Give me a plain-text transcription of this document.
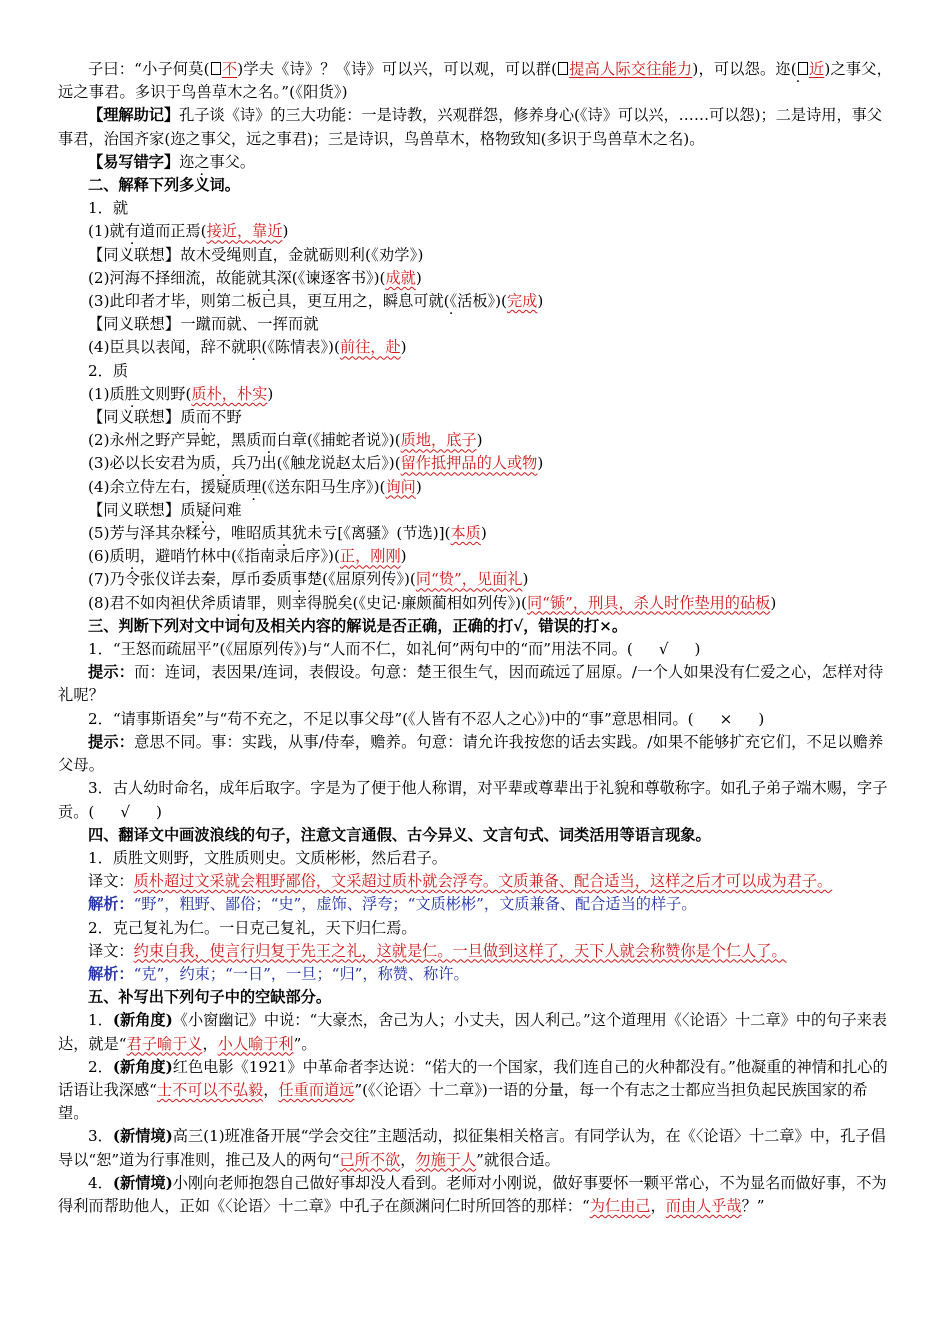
子曰：“小子何莫( 不)学夫《诗》？《诗》可以兴，可以观，可以群( 提高人际交往能力)，可以怨。迩( 近)之事父，远之事君。多识于鸟兽草木之名。”(《阳货》)

【理解助记】孔子谈《诗》的三大功能：一是诗教，兴观群怨，修养身心(《诗》可以兴，……可以怨)；二是诗用，事父事君，治国齐家(迩之事父，远之事君)；三是诗识，鸟兽草木，格物致知(多识于鸟兽草木之名)。

【易写错字】迩之事父。

二、解释下列多义词。

1．就

(1)就有道而正焉(接近，靠近)

【同义联想】故木受绳则直，金就砺则利(《劝学》)

(2)河海不择细流，故能就其深(《谏逐客书》)(成就)

(3)此印者才毕，则第二板已具，更互用之，瞬息可就(《活板》)(完成)

【同义联想】一蹴而就、一挥而就

(4)臣具以表闻，辞不就职(《陈情表》)(前往，赴)

2．质

(1)质胜文则野(质朴，朴实)

【同义联想】质而不野

(2)永州之野产异蛇，黑质而白章(《捕蛇者说》)(质地，底子)

(3)必以长安君为质，兵乃出(《触龙说赵太后》)(留作抵押品的人或物)

(4)余立侍左右，援疑质理(《送东阳马生序》)(询问)

【同义联想】质疑问难

(5)芳与泽其杂糅兮，唯昭质其犹未亏[《离骚》(节选)](本质)

(6)质明，避哨竹林中(《指南录后序》)(正，刚刚)

(7)乃令张仪详去秦，厚币委质事楚(《屈原列传》)(同“贽”，见面礼)

(8)君不如肉袒伏斧质请罪，则幸得脱矣(《史记·廉颇蔺相如列传》)(同“锧”，刑具，杀人时作垫用的砧板)

三、判断下列对文中词句及相关内容的解说是否正确，正确的打√，错误的打×。

1．“王怒而疏屈平”(《屈原列传》)与“人而不仁，如礼何”两句中的“而”用法不同。( √ )

提示：而：连词，表因果/连词，表假设。句意：楚王很生气，因而疏远了屈原。/一个人如果没有仁爱之心，怎样对待礼呢？

2．“请事斯语矣”与“苟不充之，不足以事父母”(《人皆有不忍人之心》)中的“事”意思相同。( × )

提示：意思不同。事：实践，从事/侍奉，赡养。句意：请允许我按您的话去实践。/如果不能够扩充它们，不足以赡养父母。

3．古人幼时命名，成年后取字。字是为了便于他人称谓，对平辈或尊辈出于礼貌和尊敬称字。如孔子弟子端木赐，字子贡。( √ )

四、翻译文中画波浪线的句子，注意文言通假、古今异义、文言句式、词类活用等语言现象。

1．质胜文则野，文胜质则史。文质彬彬，然后君子。

译文：质朴超过文采就会粗野鄙俗，文采超过质朴就会浮夸。文质兼备、配合适当，这样之后才可以成为君子。

解析：“野”，粗野、鄙俗；“史”，虚饰、浮夸；“文质彬彬”，文质兼备、配合适当的样子。

2．克己复礼为仁。一日克己复礼，天下归仁焉。

译文：约束自我，使言行归复于先王之礼，这就是仁。一旦做到这样了，天下人就会称赞你是个仁人了。

解析：“克”，约束；“一日”，一旦；“归”，称赞、称许。

五、补写出下列句子中的空缺部分。

1．(新角度)《小窗幽记》中说：“大豪杰，舍己为人；小丈夫，因人利己。”这个道理用《〈论语〉十二章》中的句子来表达，就是“君子喻于义，小人喻于利”。

2．(新角度)红色电影《1921》中革命者李达说：“偌大的一个国家，我们连自己的火种都没有。”他凝重的神情和扎心的话语让我深感“士不可以不弘毅，任重而道远”(《〈论语〉十二章》)一语的分量，每一个有志之士都应当担负起民族国家的希望。

3．(新情境)高三(1)班准备开展“学会交往”主题活动，拟征集相关格言。有同学认为，在《〈论语〉十二章》中，孔子倡导以“恕”道为行事准则，推己及人的两句“己所不欲，勿施于人”就很合适。

4．(新情境)小刚向老师抱怨自己做好事却没人看到。老师对小刚说，做好事要怀一颗平常心，不为显名而做好事，不为得利而帮助他人，正如《〈论语〉十二章》中孔子在颜渊问仁时所回答的那样：“为仁由己，而由人乎哉？”
